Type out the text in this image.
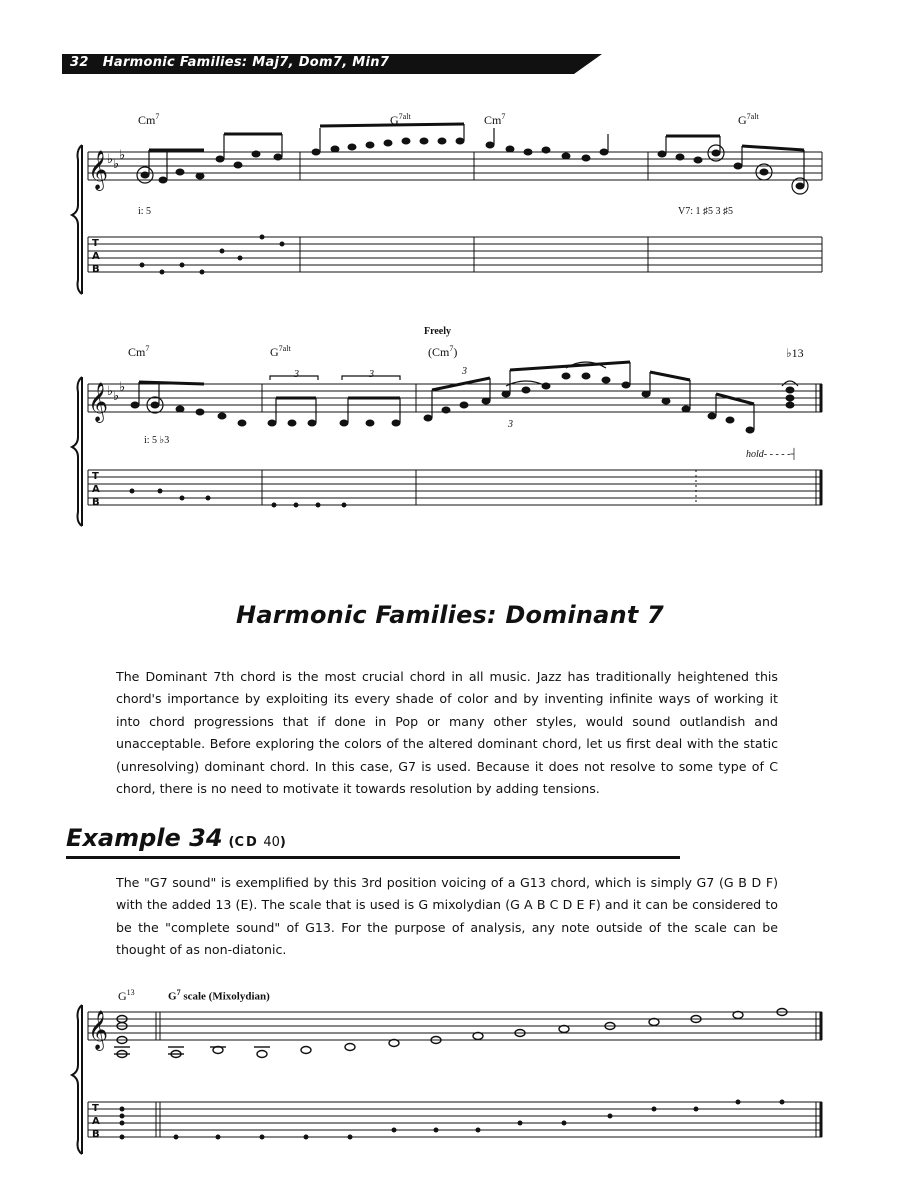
32 Harmonic Families: Maj7, Dom7, Min7
Cm$^7$	$G^{7alt}$	Cm$^7$	$G^{7alt}$
𝄞
𝄞
𝄞
♭ ♭
♭
♭ ♭
♭
T
A
B
T
A
B
T
A
B
i: 5	V7: 1 ♯5 3 ♯5
Freely
Cm$^7$	$G^{7alt}$	(Cm$^7$)	♭13
i: 5 ♭3
hold- - - - -┤
3	3	3
3
Harmonic Families: Dominant 7
The Dominant 7th chord is the most crucial chord in all music. Jazz has traditionally heightened this chord's importance by exploiting its every shade of color and by inventing infinite ways of working it into chord progressions that if done in Pop or many other styles, would sound outlandish and unacceptable. Before exploring the colors of the altered dominant chord, let us first deal with the static (unresolving) dominant chord. In this case, G7 is used. Because it does not resolve to some type of C chord, there is no need to motivate it towards resolution by adding tensions.
Example 34 (CD 40)
The "G7 sound" is exemplified by this 3rd position voicing of a G13 chord, which is simply G7 (G B D F) with the added 13 (E). The scale that is used is G mixolydian (G A B C D E F) and it can be considered to be the "complete sound" of G13. For the purpose of analysis, any note outside of the scale can be thought of as non-diatonic.
$G^{13}$	$G^7$ scale (Mixolydian)
